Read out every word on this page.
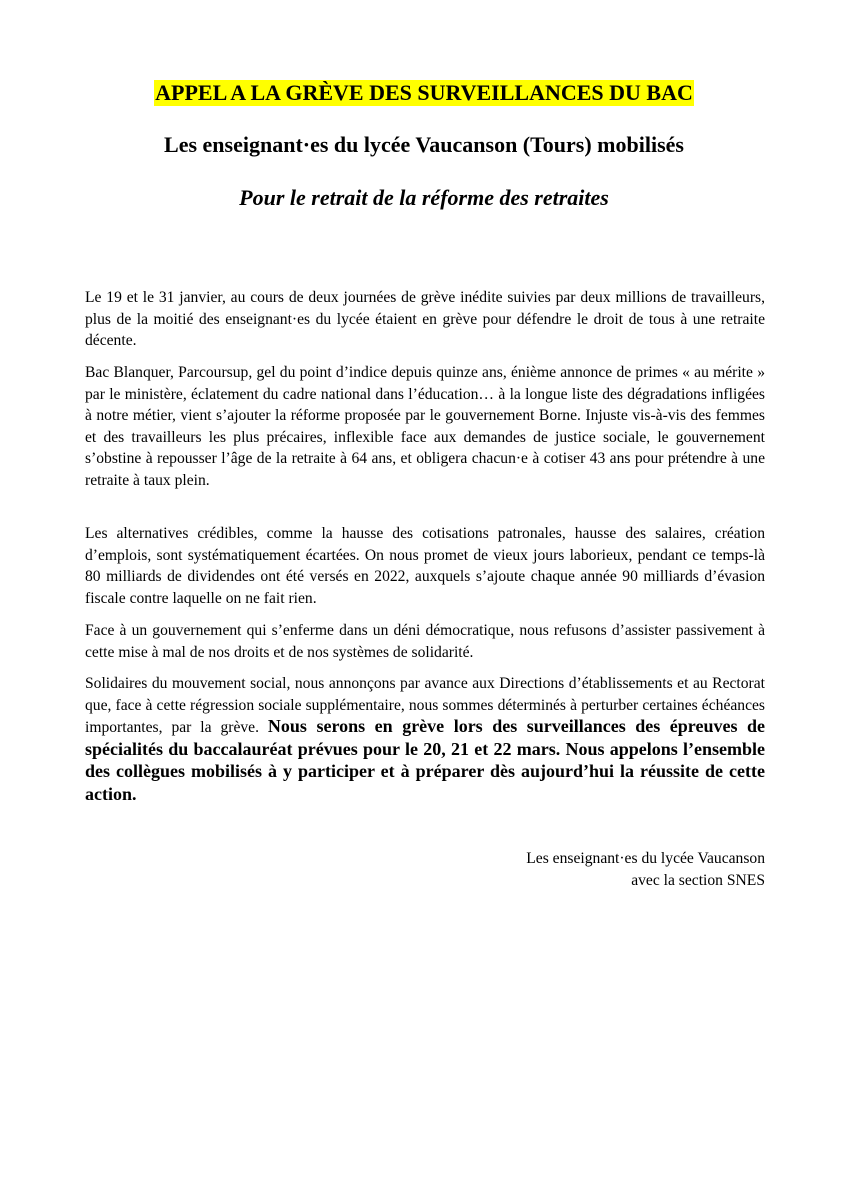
APPEL A LA GRÈVE DES SURVEILLANCES DU BAC
Les enseignant·es du lycée Vaucanson (Tours) mobilisés
Pour le retrait de la réforme des retraites

Le 19 et le 31 janvier, au cours de deux journées de grève inédite suivies par deux millions de travailleurs, plus de la moitié des enseignant·es du lycée étaient en grève pour défendre le droit de tous à une retraite décente.

Bac Blanquer, Parcoursup, gel du point d’indice depuis quinze ans, énième annonce de primes « au mérite » par le ministère, éclatement du cadre national dans l’éducation… à la longue liste des dégradations infligées à notre métier, vient s’ajouter la réforme proposée par le gouvernement Borne. Injuste vis-à-vis des femmes et des travailleurs les plus précaires, inflexible face aux demandes de justice sociale, le gouvernement s’obstine à repousser l’âge de la retraite à 64 ans, et obligera chacun·e à cotiser 43 ans pour prétendre à une retraite à taux plein.

Les alternatives crédibles, comme la hausse des cotisations patronales, hausse des salaires, création d’emplois, sont systématiquement écartées. On nous promet de vieux jours laborieux, pendant ce temps-là 80 milliards de dividendes ont été versés en 2022, auxquels s’ajoute chaque année 90 milliards d’évasion fiscale contre laquelle on ne fait rien.

Face à un gouvernement qui s’enferme dans un déni démocratique, nous refusons d’assister passivement à cette mise à mal de nos droits et de nos systèmes de solidarité.

Solidaires du mouvement social, nous annonçons par avance aux Directions d’établissements et au Rectorat que, face à cette régression sociale supplémentaire, nous sommes déterminés à perturber certaines échéances importantes, par la grève. Nous serons en grève lors des surveillances des épreuves de spécialités du baccalauréat prévues pour le 20, 21 et 22 mars. Nous appelons l’ensemble des collègues mobilisés à y participer et à préparer dès aujourd’hui la réussite de cette action.

Les enseignant·es du lycée Vaucanson
avec la section SNES
